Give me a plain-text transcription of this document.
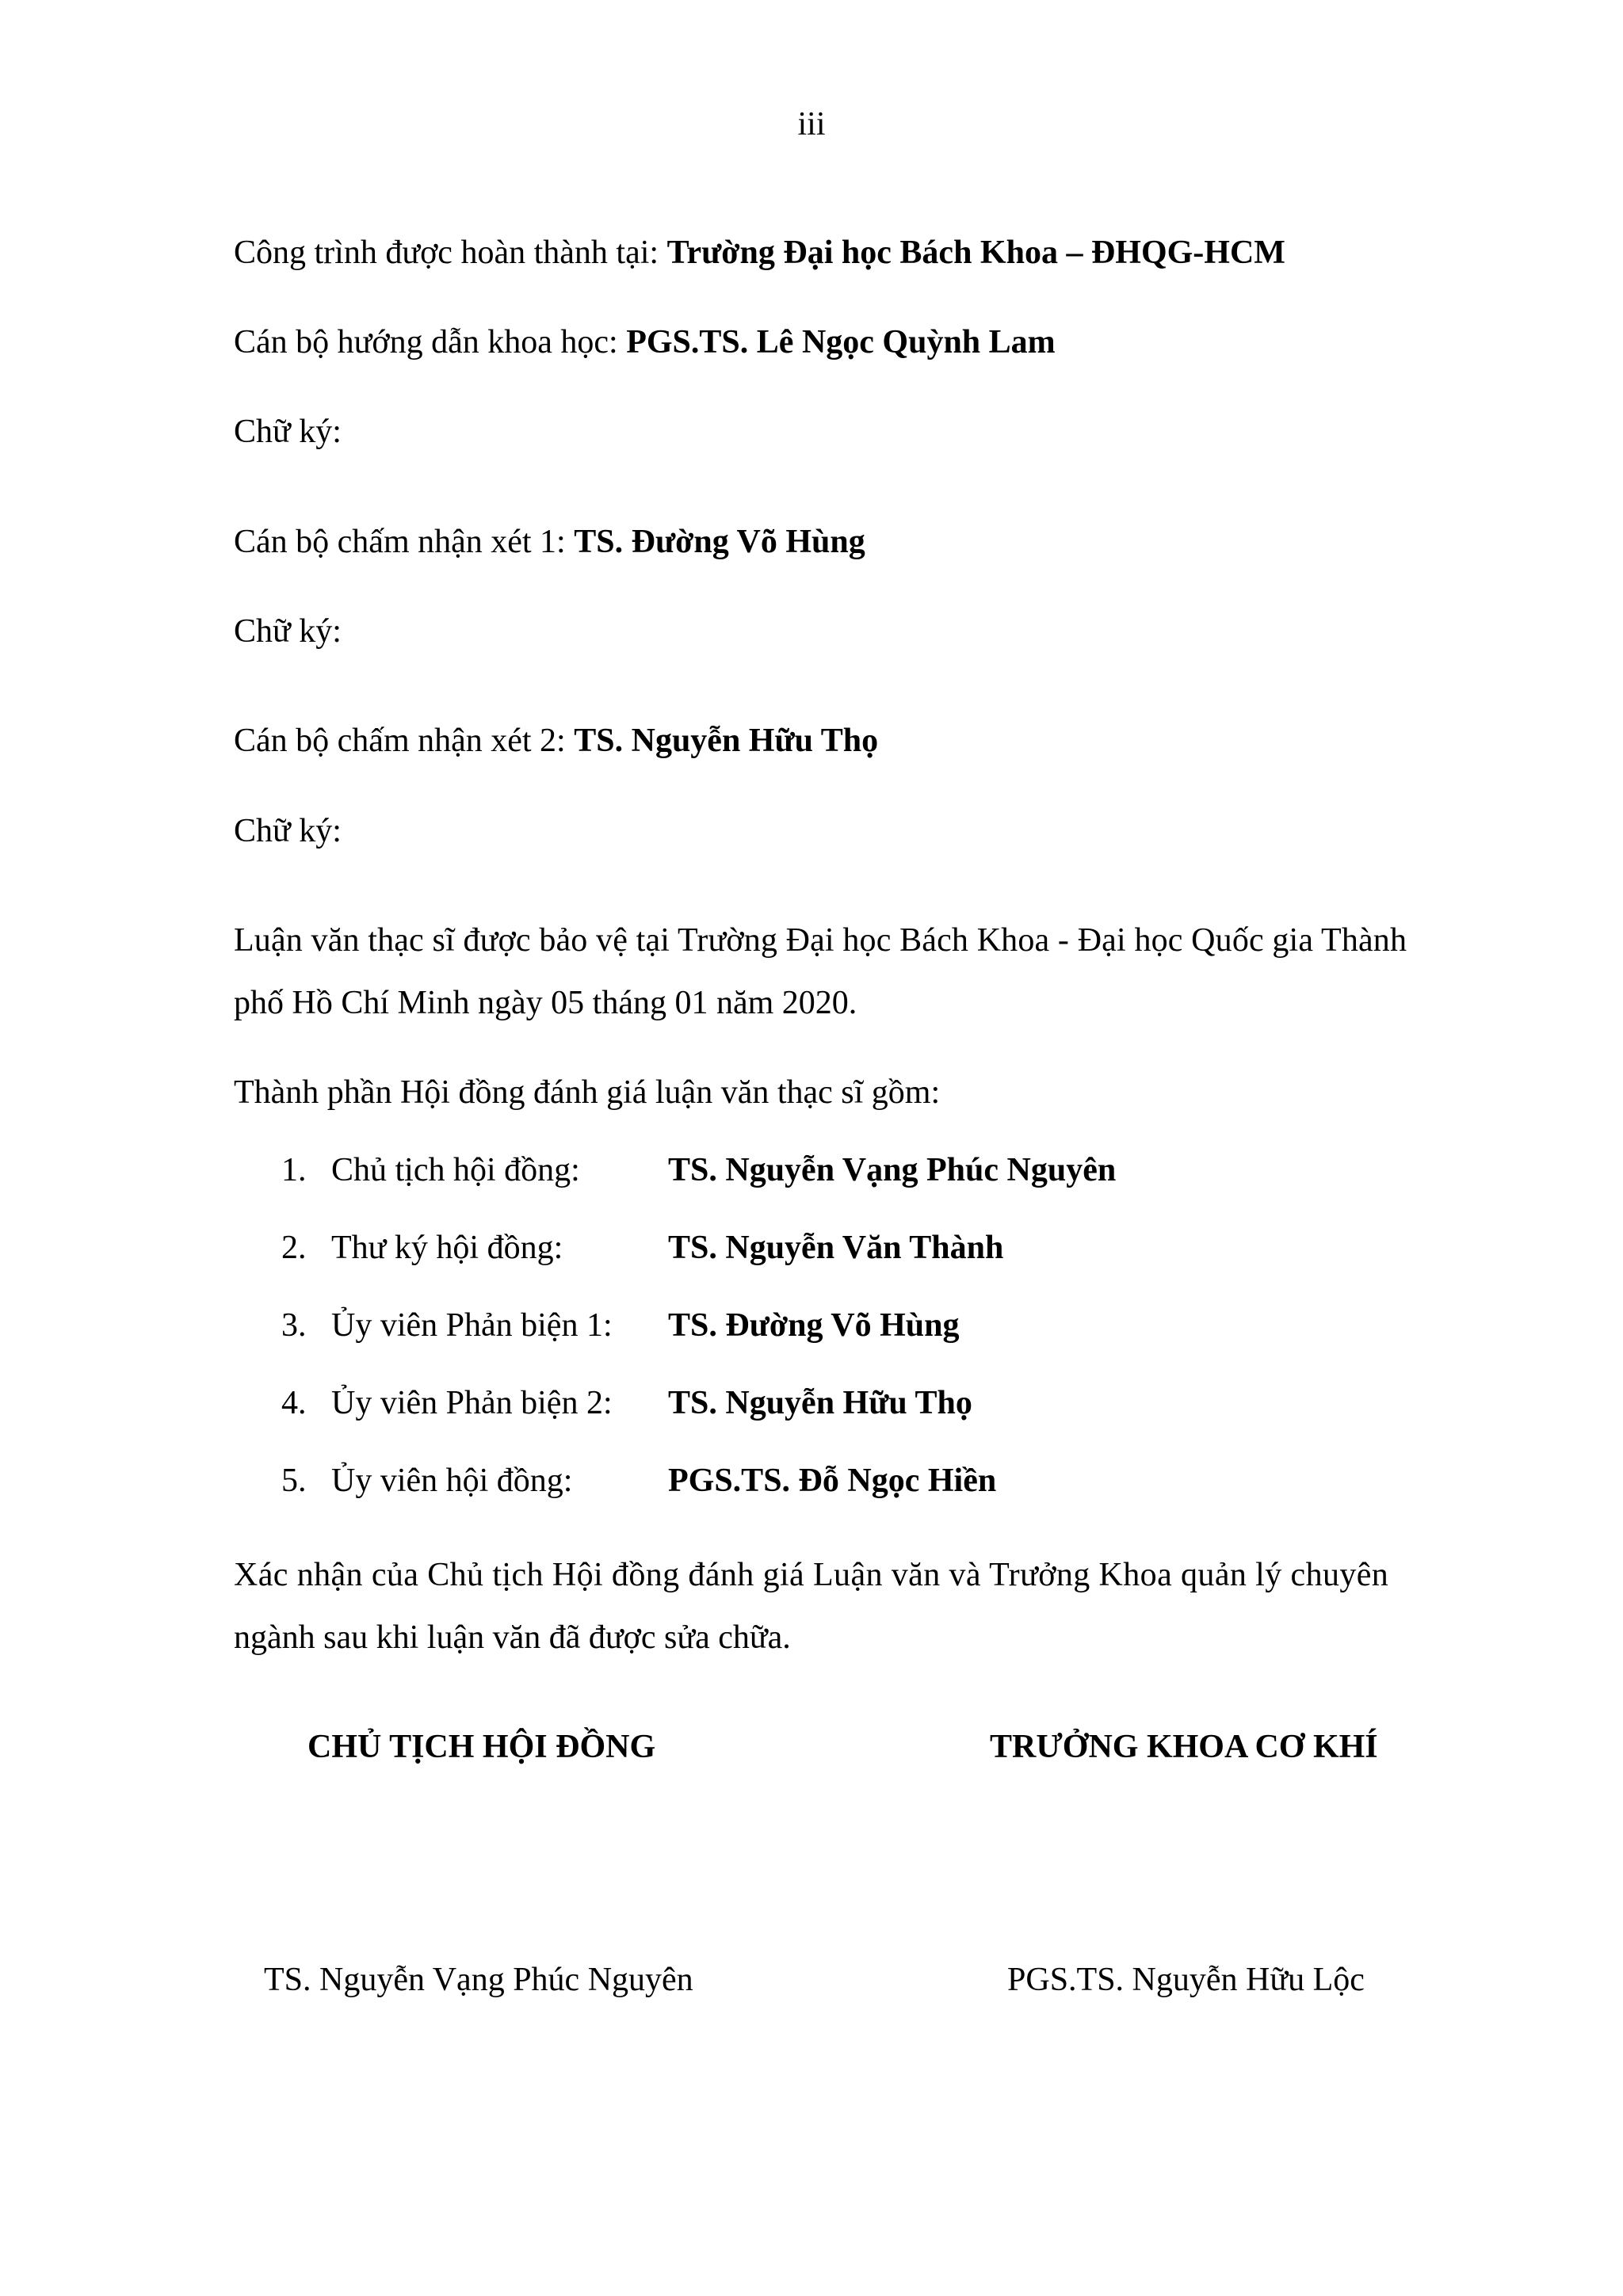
iii
Công trình được hoàn thành tại: Trường Đại học Bách Khoa – ĐHQG-HCM
Cán bộ hướng dẫn khoa học: PGS.TS. Lê Ngọc Quỳnh Lam
Chữ ký:
Cán bộ chấm nhận xét 1: TS. Đường Võ Hùng
Chữ ký:
Cán bộ chấm nhận xét 2: TS. Nguyễn Hữu Thọ
Chữ ký:
Luận văn thạc sĩ được bảo vệ tại Trường Đại học Bách Khoa - Đại học Quốc gia Thành
phố Hồ Chí Minh ngày 05 tháng 01 năm 2020.
Thành phần Hội đồng đánh giá luận văn thạc sĩ gồm:
1. Chủ tịch hội đồng:	TS. Nguyễn Vạng Phúc Nguyên
2. Thư ký hội đồng:	TS. Nguyễn Văn Thành
3. Ủy viên Phản biện 1: TS. Đường Võ Hùng
4. Ủy viên Phản biện 2: TS. Nguyễn Hữu Thọ
5. Ủy viên hội đồng:	PGS.TS. Đỗ Ngọc Hiền
Xác nhận của Chủ tịch Hội đồng đánh giá Luận văn và Trưởng Khoa quản lý chuyên
ngành sau khi luận văn đã được sửa chữa.
CHỦ TỊCH HỘI ĐỒNG	TRƯỞNG KHOA CƠ KHÍ
TS. Nguyễn Vạng Phúc Nguyên	PGS.TS. Nguyễn Hữu Lộc
